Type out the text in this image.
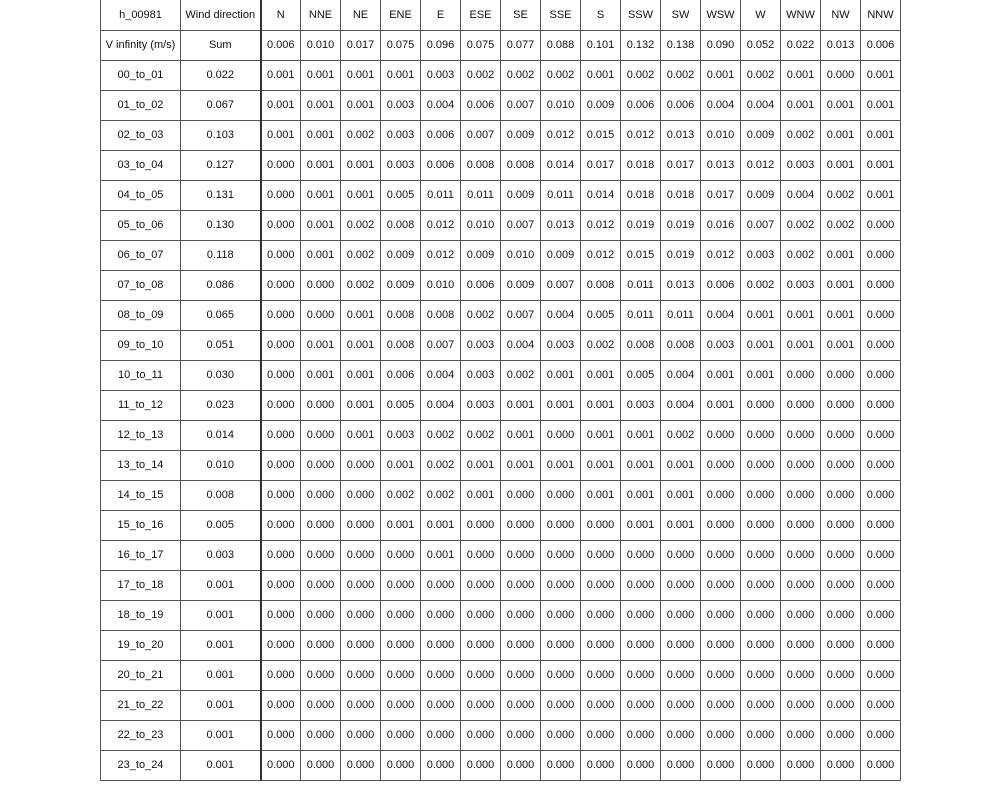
h_00981	Wind direction	N	NNE	NE	ENE	E	ESE	SE	SSE	S	SSW	SW	WSW	W	WNW	NW	NNW
V infinity (m/s)	Sum	0.006	0.010	0.017	0.075	0.096	0.075	0.077	0.088	0.101	0.132	0.138	0.090	0.052	0.022	0.013	0.006
00_to_01	0.022	0.001	0.001	0.001	0.001	0.003	0.002	0.002	0.002	0.001	0.002	0.002	0.001	0.002	0.001	0.000	0.001
01_to_02	0.067	0.001	0.001	0.001	0.003	0.004	0.006	0.007	0.010	0.009	0.006	0.006	0.004	0.004	0.001	0.001	0.001
02_to_03	0.103	0.001	0.001	0.002	0.003	0.006	0.007	0.009	0.012	0.015	0.012	0.013	0.010	0.009	0.002	0.001	0.001
03_to_04	0.127	0.000	0.001	0.001	0.003	0.006	0.008	0.008	0.014	0.017	0.018	0.017	0.013	0.012	0.003	0.001	0.001
04_to_05	0.131	0.000	0.001	0.001	0.005	0.011	0.011	0.009	0.011	0.014	0.018	0.018	0.017	0.009	0.004	0.002	0.001
05_to_06	0.130	0.000	0.001	0.002	0.008	0.012	0.010	0.007	0.013	0.012	0.019	0.019	0.016	0.007	0.002	0.002	0.000
06_to_07	0.118	0.000	0.001	0.002	0.009	0.012	0.009	0.010	0.009	0.012	0.015	0.019	0.012	0.003	0.002	0.001	0.000
07_to_08	0.086	0.000	0.000	0.002	0.009	0.010	0.006	0.009	0.007	0.008	0.011	0.013	0.006	0.002	0.003	0.001	0.000
08_to_09	0.065	0.000	0.000	0.001	0.008	0.008	0.002	0.007	0.004	0.005	0.011	0.011	0.004	0.001	0.001	0.001	0.000
09_to_10	0.051	0.000	0.001	0.001	0.008	0.007	0.003	0.004	0.003	0.002	0.008	0.008	0.003	0.001	0.001	0.001	0.000
10_to_11	0.030	0.000	0.001	0.001	0.006	0.004	0.003	0.002	0.001	0.001	0.005	0.004	0.001	0.001	0.000	0.000	0.000
11_to_12	0.023	0.000	0.000	0.001	0.005	0.004	0.003	0.001	0.001	0.001	0.003	0.004	0.001	0.000	0.000	0.000	0.000
12_to_13	0.014	0.000	0.000	0.001	0.003	0.002	0.002	0.001	0.000	0.001	0.001	0.002	0.000	0.000	0.000	0.000	0.000
13_to_14	0.010	0.000	0.000	0.000	0.001	0.002	0.001	0.001	0.001	0.001	0.001	0.001	0.000	0.000	0.000	0.000	0.000
14_to_15	0.008	0.000	0.000	0.000	0.002	0.002	0.001	0.000	0.000	0.001	0.001	0.001	0.000	0.000	0.000	0.000	0.000
15_to_16	0.005	0.000	0.000	0.000	0.001	0.001	0.000	0.000	0.000	0.000	0.001	0.001	0.000	0.000	0.000	0.000	0.000
16_to_17	0.003	0.000	0.000	0.000	0.000	0.001	0.000	0.000	0.000	0.000	0.000	0.000	0.000	0.000	0.000	0.000	0.000
17_to_18	0.001	0.000	0.000	0.000	0.000	0.000	0.000	0.000	0.000	0.000	0.000	0.000	0.000	0.000	0.000	0.000	0.000
18_to_19	0.001	0.000	0.000	0.000	0.000	0.000	0.000	0.000	0.000	0.000	0.000	0.000	0.000	0.000	0.000	0.000	0.000
19_to_20	0.001	0.000	0.000	0.000	0.000	0.000	0.000	0.000	0.000	0.000	0.000	0.000	0.000	0.000	0.000	0.000	0.000
20_to_21	0.001	0.000	0.000	0.000	0.000	0.000	0.000	0.000	0.000	0.000	0.000	0.000	0.000	0.000	0.000	0.000	0.000
21_to_22	0.001	0.000	0.000	0.000	0.000	0.000	0.000	0.000	0.000	0.000	0.000	0.000	0.000	0.000	0.000	0.000	0.000
22_to_23	0.001	0.000	0.000	0.000	0.000	0.000	0.000	0.000	0.000	0.000	0.000	0.000	0.000	0.000	0.000	0.000	0.000
23_to_24	0.001	0.000	0.000	0.000	0.000	0.000	0.000	0.000	0.000	0.000	0.000	0.000	0.000	0.000	0.000	0.000	0.000
